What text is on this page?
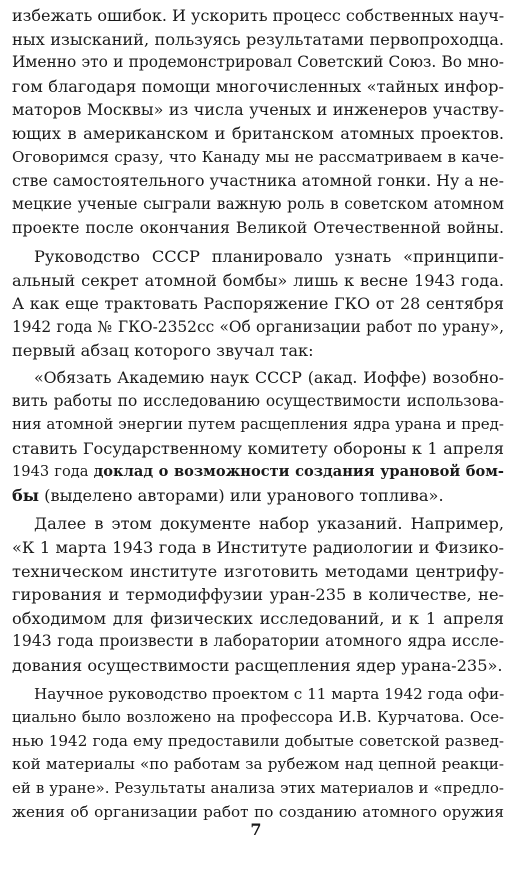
избежать ошибок. И ускорить процесс собственных науч-
ных изысканий, пользуясь результатами первопроходца.
Именно это и продемонстрировал Советский Союз. Во мно-
гом благодаря помощи многочисленных «тайных инфор-
маторов Москвы» из числа ученых и инженеров участву-
ющих в американском и британском атомных проектов.
Оговоримся сразу, что Канаду мы не рассматриваем в каче-
стве самостоятельного участника атомной гонки. Ну а не-
мецкие ученые сыграли важную роль в советском атомном
проекте после окончания Великой Отечественной войны.
Руководство СССР планировало узнать «принципи-
альный секрет атомной бомбы» лишь к весне 1943 года.
А как еще трактовать Распоряжение ГКО от 28 сентября
1942 года № ГКО-2352сс «Об организации работ по урану»,
первый абзац которого звучал так:
«Обязать Академию наук СССР (акад. Иоффе) возобно-
вить работы по исследованию осуществимости использова-
ния атомной энергии путем расщепления ядра урана и пред-
ставить Государственному комитету обороны к 1 апреля
1943 года доклад о возможности создания урановой бом-
бы (выделено авторами) или уранового топлива».
Далее в этом документе набор указаний. Например,
«К 1 марта 1943 года в Институте радиологии и Физико-
техническом институте изготовить методами центрифу-
гирования и термодиффузии уран-235 в количестве, не-
обходимом для физических исследований, и к 1 апреля
1943 года произвести в лаборатории атомного ядра иссле-
дования осуществимости расщепления ядер урана-235».
Научное руководство проектом с 11 марта 1942 года офи-
циально было возложено на профессора И.В. Курчатова. Осе-
нью 1942 года ему предоставили добытые советской развед-
кой материалы «по работам за рубежом над цепной реакци-
ей в уране». Результаты анализа этих материалов и «предло-
жения об организации работ по созданию атомного оружия
7
